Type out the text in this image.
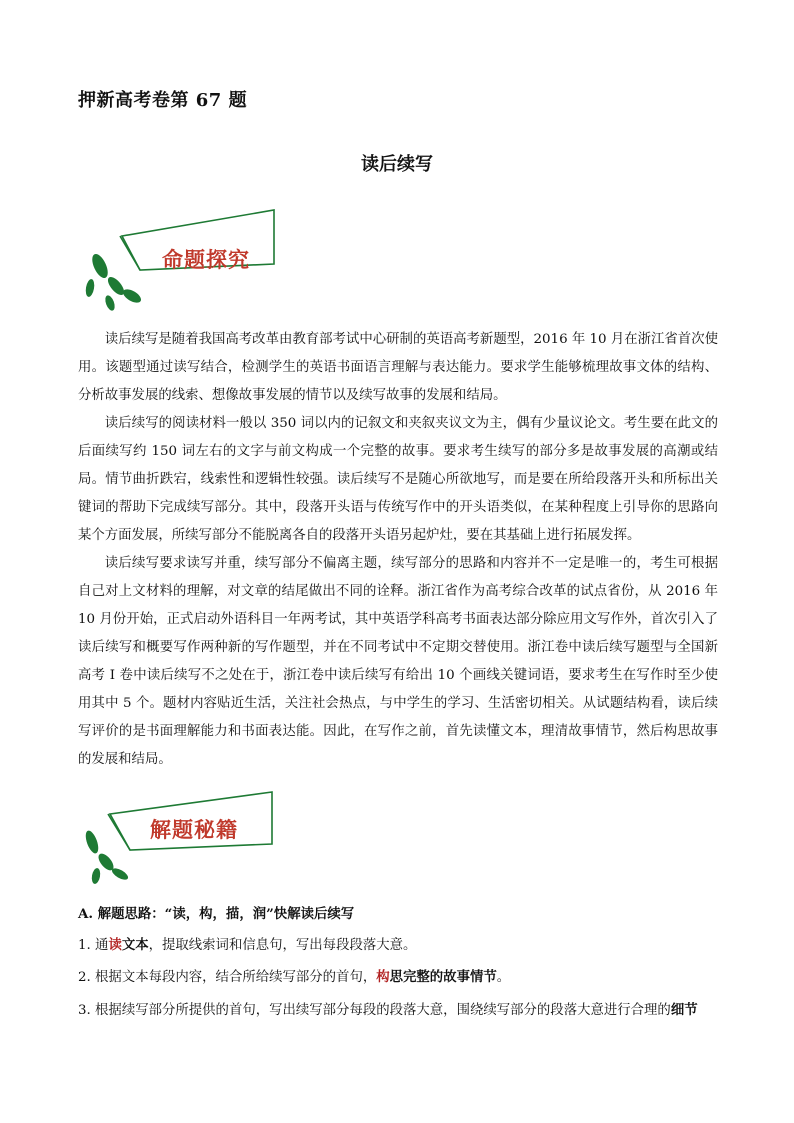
押新高考卷第 67 题
读后续写
命题探究
读后续写是随着我国高考改革由教育部考试中心研制的英语高考新题型，2016 年 10 月在浙江省首次使用。该题型通过读写结合，检测学生的英语书面语言理解与表达能力。要求学生能够梳理故事文体的结构、分析故事发展的线索、想像故事发展的情节以及续写故事的发展和结局。
读后续写的阅读材料一般以 350 词以内的记叙文和夹叙夹议文为主，偶有少量议论文。考生要在此文的后面续写约 150 词左右的文字与前文构成一个完整的故事。要求考生续写的部分多是故事发展的高潮或结局。情节曲折跌宕，线索性和逻辑性较强。读后续写不是随心所欲地写，而是要在所给段落开头和所标出关键词的帮助下完成续写部分。其中，段落开头语与传统写作中的开头语类似，在某种程度上引导你的思路向某个方面发展，所续写部分不能脱离各自的段落开头语另起炉灶，要在其基础上进行拓展发挥。
读后续写要求读写并重，续写部分不偏离主题，续写部分的思路和内容并不一定是唯一的，考生可根据自己对上文材料的理解，对文章的结尾做出不同的诠释。浙江省作为高考综合改革的试点省份，从 2016 年 10 月份开始，正式启动外语科目一年两考试，其中英语学科高考书面表达部分除应用文写作外，首次引入了读后续写和概要写作两种新的写作题型，并在不同考试中不定期交替使用。浙江卷中读后续写题型与全国新高考 I 卷中读后续写不之处在于，浙江卷中读后续写有给出 10 个画线关键词语，要求考生在写作时至少使用其中 5 个。题材内容贴近生活，关注社会热点，与中学生的学习、生活密切相关。从试题结构看，读后续写评价的是书面理解能力和书面表达能。因此，在写作之前，首先读懂文本，理清故事情节，然后构思故事的发展和结局。
解题秘籍
A. 解题思路：“读，构，描，润”快解读后续写
1. 通读文本，提取线索词和信息句，写出每段段落大意。
2. 根据文本每段内容，结合所给续写部分的首句，构思完整的故事情节。
3. 根据续写部分所提供的首句，写出续写部分每段的段落大意，围绕续写部分的段落大意进行合理的细节
